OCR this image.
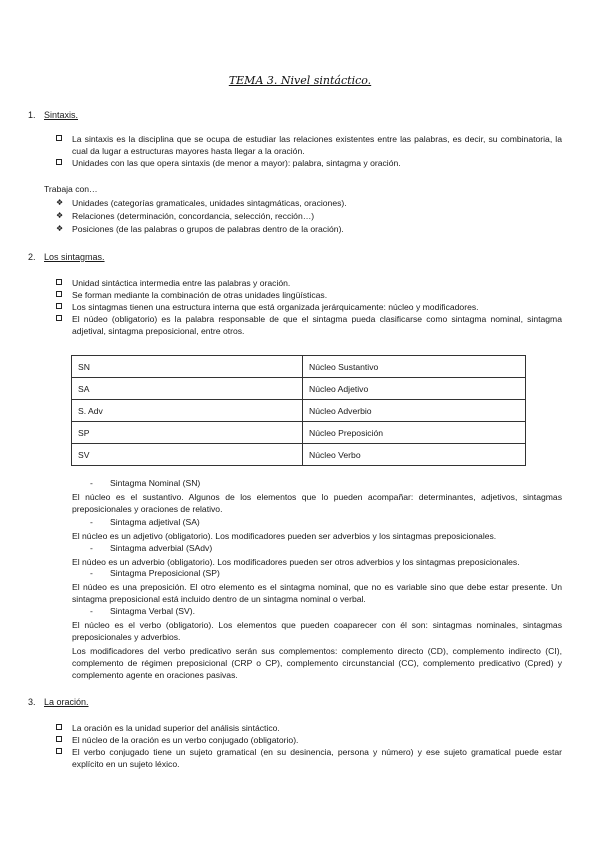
TEMA 3. Nivel sintáctico.
1. Sintaxis.
La sintaxis es la disciplina que se ocupa de estudiar las relaciones existentes entre las palabras, es decir, su combinatoria, la cual da lugar a estructuras mayores hasta llegar a la oración.
Unidades con las que opera sintaxis (de menor a mayor): palabra, sintagma y oración.
Trabaja con…
❖ Unidades (categorías gramaticales, unidades sintagmáticas, oraciones).
❖ Relaciones (determinación, concordancia, selección, rección…)
❖ Posiciones (de las palabras o grupos de palabras dentro de la oración).
2. Los sintagmas.
Unidad sintáctica intermedia entre las palabras y oración.
Se forman mediante la combinación de otras unidades lingüísticas.
Los sintagmas tienen una estructura interna que está organizada jerárquicamente: núcleo y modificadores.
El núdeo (obligatorio) es la palabra responsable de que el sintagma pueda clasificarse como sintagma nominal, sintagma adjetival, sintagma preposicional, entre otros.
SN	Núcleo Sustantivo
SA	Núcleo Adjetivo
S. Adv	Núcleo Adverbio
SP	Núcleo Preposición
SV	Núcleo Verbo
- Sintagma Nominal (SN)
El núcleo es el sustantivo. Algunos de los elementos que lo pueden acompañar: determinantes, adjetivos, sintagmas preposicionales y oraciones de relativo.
- Sintagma adjetival (SA)
El núcleo es un adjetivo (obligatorio). Los modificadores pueden ser adverbios y los sintagmas preposicionales.
- Sintagma adverbial (SAdv)
El núdeo es un adverbio (obligatorio). Los modificadores pueden ser otros adverbios y los sintagmas preposicionales.
- Sintagma Preposicional (SP)
El núdeo es una preposición. El otro elemento es el sintagma nominal, que no es variable sino que debe estar presente. Un sintagma preposicional está incluido dentro de un sintagma nominal o verbal.
- Sintagma Verbal (SV).
El núcleo es el verbo (obligatorio). Los elementos que pueden coaparecer con él son: sintagmas nominales, sintagmas preposicionales y adverbios.
Los modificadores del verbo predicativo serán sus complementos: complemento directo (CD), complemento indirecto (CI), complemento de régimen preposicional (CRP o CP), complemento circunstancial (CC), complemento predicativo (Cpred) y complemento agente en oraciones pasivas.
3. La oración.
La oración es la unidad superior del análisis sintáctico.
El núcleo de la oración es un verbo conjugado (obligatorio).
El verbo conjugado tiene un sujeto gramatical (en su desinencia, persona y número) y ese sujeto gramatical puede estar explícito en un sujeto léxico.
